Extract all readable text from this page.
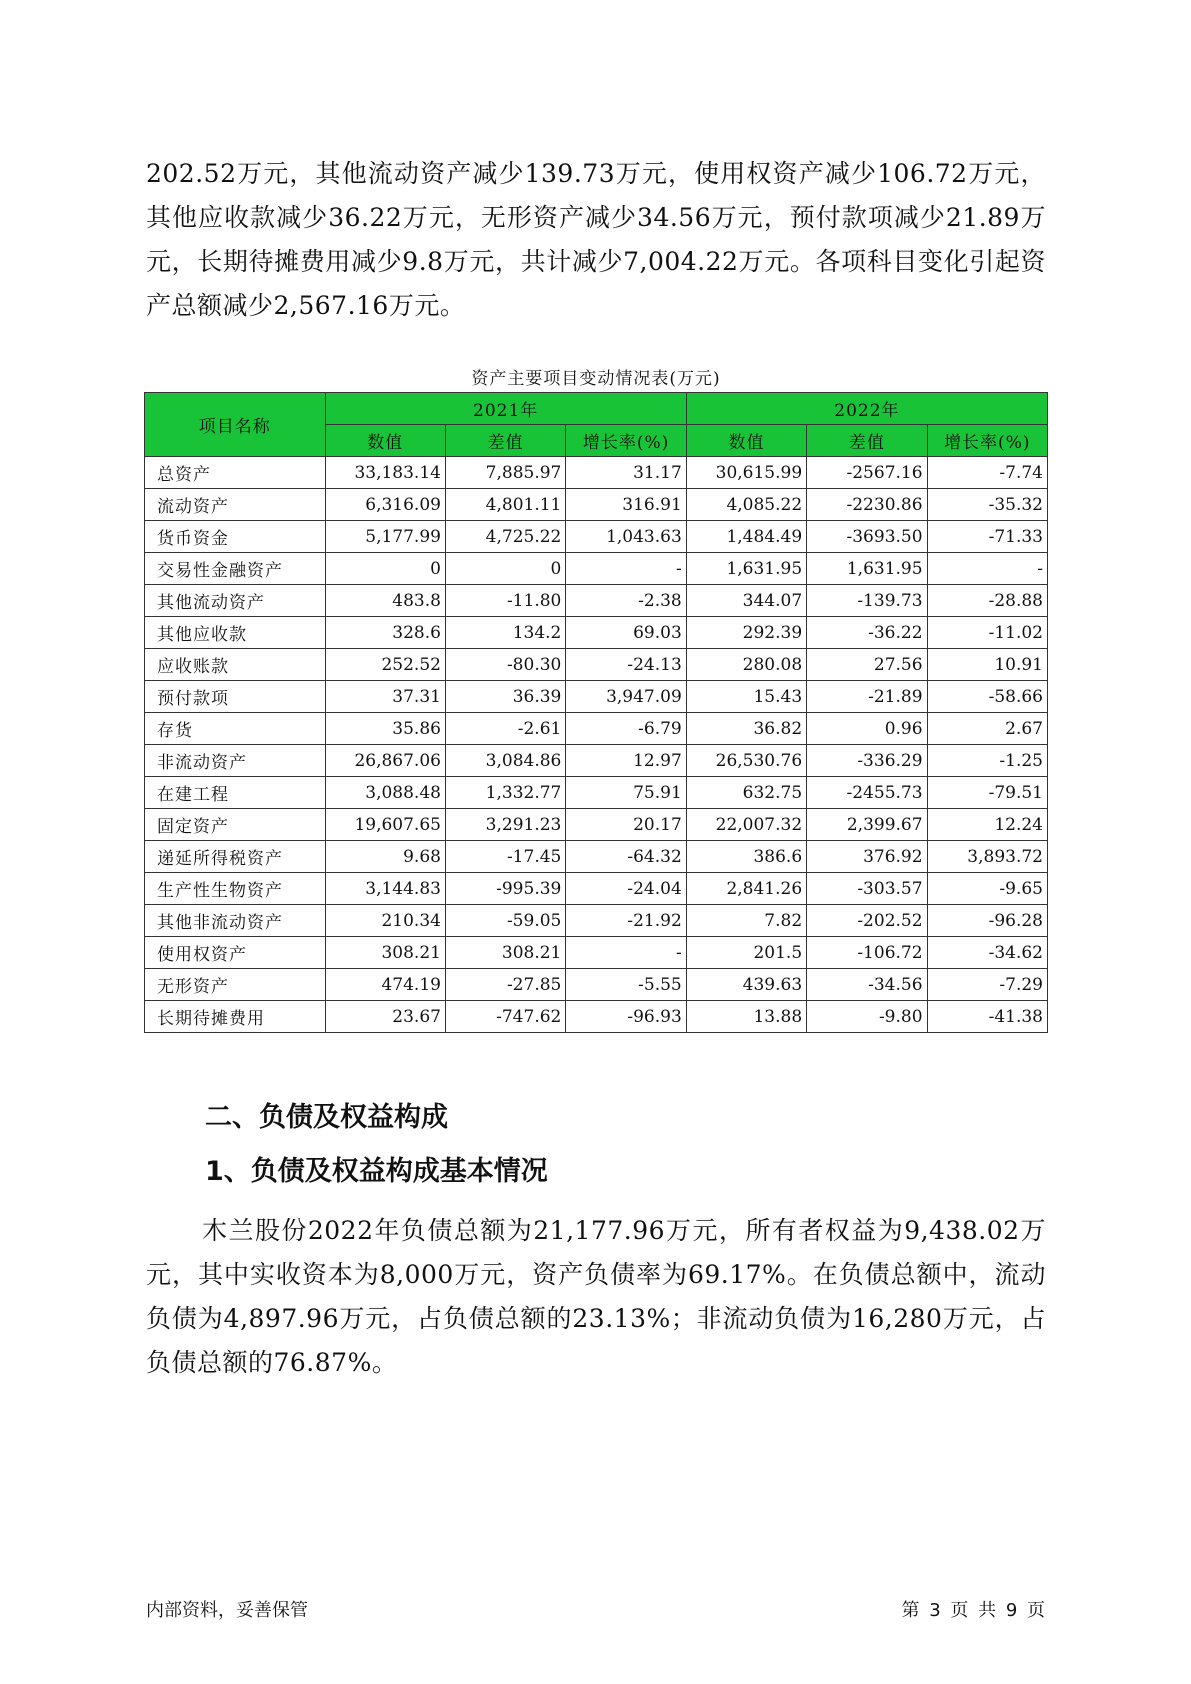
202.52万元，其他流动资产减少139.73万元，使用权资产减少106.72万元，其他应收款减少36.22万元，无形资产减少34.56万元，预付款项减少21.89万元，长期待摊费用减少9.8万元，共计减少7,004.22万元。各项科目变化引起资产总额减少2,567.16万元。
资产主要项目变动情况表(万元)
项目名称	2021年			2022年		
	数值	差值	增长率(%)	数值	差值	增长率(%)
总资产	33,183.14	7,885.97	31.17	30,615.99	-2567.16	-7.74
流动资产	6,316.09	4,801.11	316.91	4,085.22	-2230.86	-35.32
货币资金	5,177.99	4,725.22	1,043.63	1,484.49	-3693.50	-71.33
交易性金融资产	0	0	-	1,631.95	1,631.95	-
其他流动资产	483.8	-11.80	-2.38	344.07	-139.73	-28.88
其他应收款	328.6	134.2	69.03	292.39	-36.22	-11.02
应收账款	252.52	-80.30	-24.13	280.08	27.56	10.91
预付款项	37.31	36.39	3,947.09	15.43	-21.89	-58.66
存货	35.86	-2.61	-6.79	36.82	0.96	2.67
非流动资产	26,867.06	3,084.86	12.97	26,530.76	-336.29	-1.25
在建工程	3,088.48	1,332.77	75.91	632.75	-2455.73	-79.51
固定资产	19,607.65	3,291.23	20.17	22,007.32	2,399.67	12.24
递延所得税资产	9.68	-17.45	-64.32	386.6	376.92	3,893.72
生产性生物资产	3,144.83	-995.39	-24.04	2,841.26	-303.57	-9.65
其他非流动资产	210.34	-59.05	-21.92	7.82	-202.52	-96.28
使用权资产	308.21	308.21	-	201.5	-106.72	-34.62
无形资产	474.19	-27.85	-5.55	439.63	-34.56	-7.29
长期待摊费用	23.67	-747.62	-96.93	13.88	-9.80	-41.38
二、负债及权益构成
1、负债及权益构成基本情况
木兰股份2022年负债总额为21,177.96万元，所有者权益为9,438.02万元，其中实收资本为8,000万元，资产负债率为69.17%。在负债总额中，流动负债为4,897.96万元，占负债总额的23.13%；非流动负债为16,280万元，占负债总额的76.87%。
内部资料，妥善保管	第 3 页 共 9 页
